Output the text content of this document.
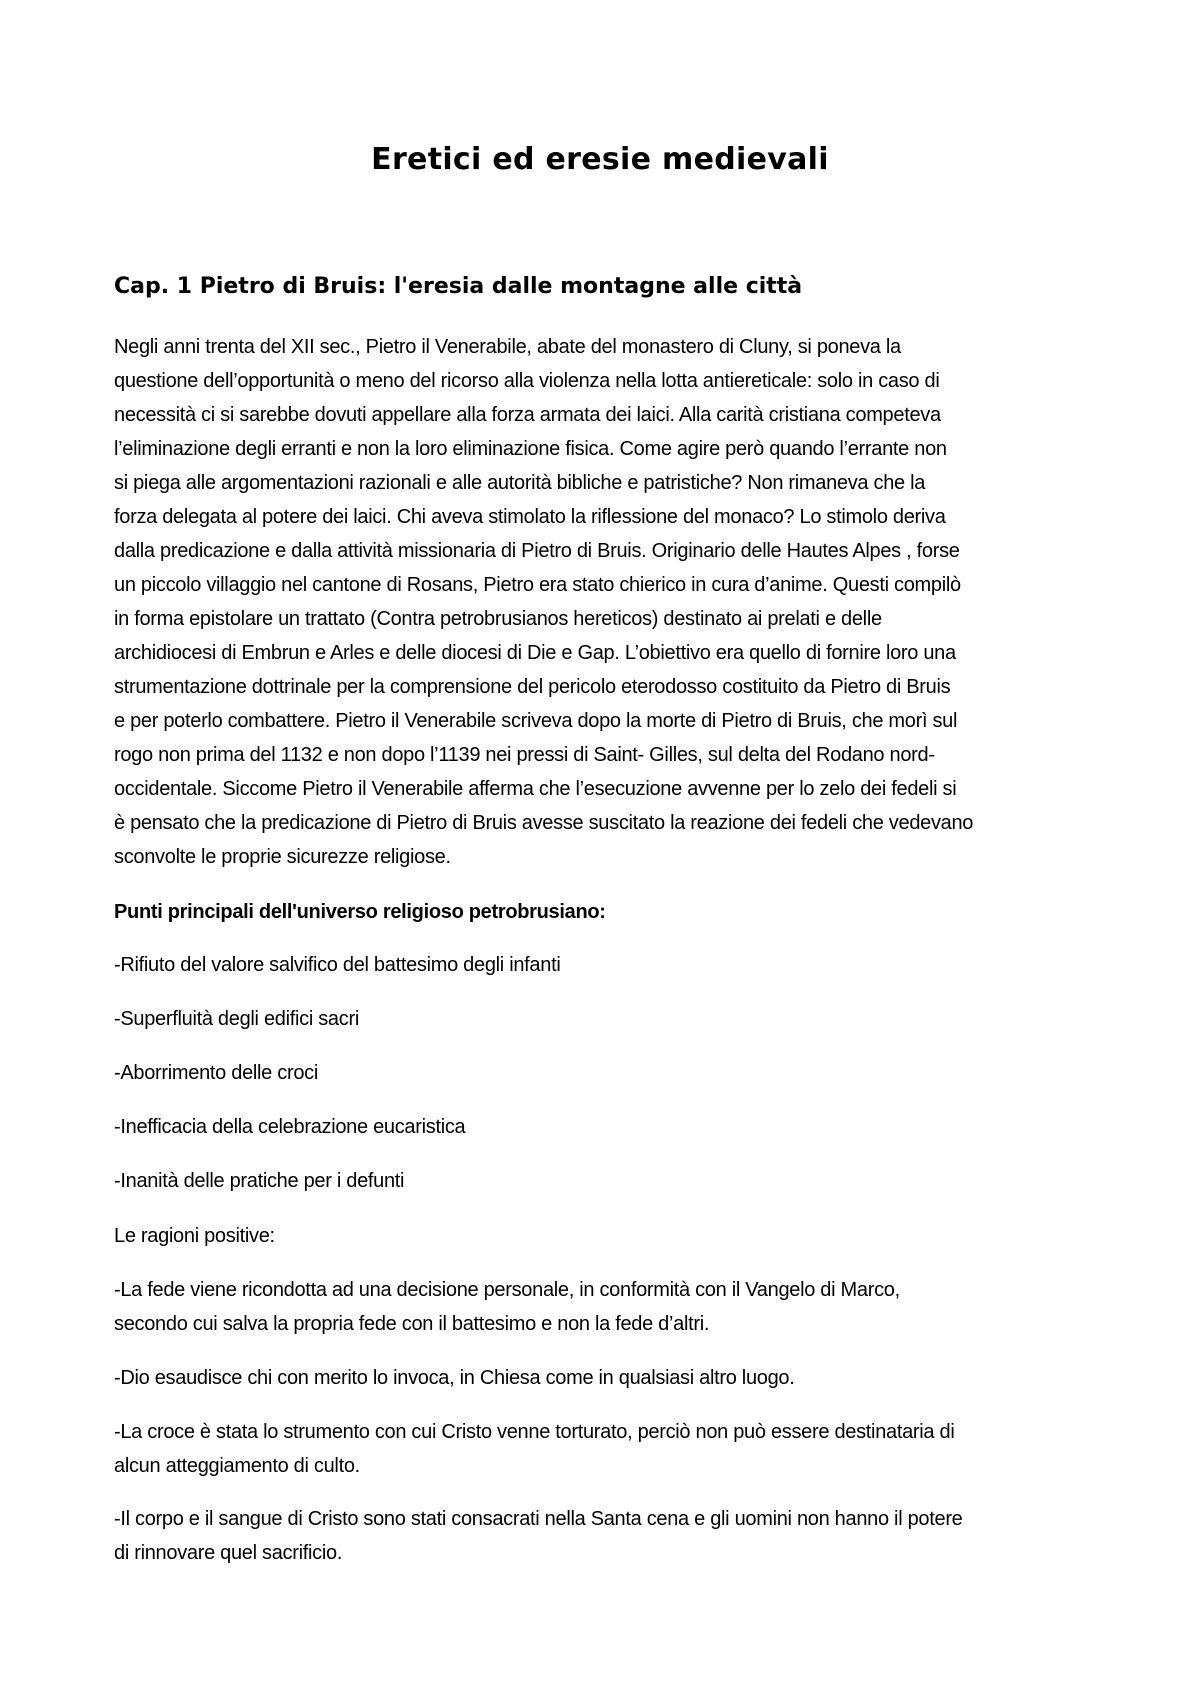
Eretici ed eresie medievali
Cap. 1 Pietro di Bruis: l'eresia dalle montagne alle città

Negli anni trenta del XII sec., Pietro il Venerabile, abate del monastero di Cluny, si poneva la
questione dell’opportunità o meno del ricorso alla violenza nella lotta antiereticale: solo in caso di
necessità ci si sarebbe dovuti appellare alla forza armata dei laici. Alla carità cristiana competeva
l’eliminazione degli erranti e non la loro eliminazione fisica. Come agire però quando l’errante non
si piega alle argomentazioni razionali e alle autorità bibliche e patristiche? Non rimaneva che la
forza delegata al potere dei laici. Chi aveva stimolato la riflessione del monaco? Lo stimolo deriva
dalla predicazione e dalla attività missionaria di Pietro di Bruis. Originario delle Hautes Alpes , forse
un piccolo villaggio nel cantone di Rosans, Pietro era stato chierico in cura d’anime. Questi compilò
in forma epistolare un trattato (Contra petrobrusianos hereticos) destinato ai prelati e delle
archidiocesi di Embrun e Arles e delle diocesi di Die e Gap. L’obiettivo era quello di fornire loro una
strumentazione dottrinale per la comprensione del pericolo eterodosso costituito da Pietro di Bruis
e per poterlo combattere. Pietro il Venerabile scriveva dopo la morte di Pietro di Bruis, che morì sul
rogo non prima del 1132 e non dopo l’1139 nei pressi di Saint- Gilles, sul delta del Rodano nord-
occidentale. Siccome Pietro il Venerabile afferma che l’esecuzione avvenne per lo zelo dei fedeli si
è pensato che la predicazione di Pietro di Bruis avesse suscitato la reazione dei fedeli che vedevano
sconvolte le proprie sicurezze religiose.

Punti principali dell'universo religioso petrobrusiano:

-Rifiuto del valore salvifico del battesimo degli infanti

-Superfluità degli edifici sacri

-Aborrimento delle croci

-Inefficacia della celebrazione eucaristica

-Inanità delle pratiche per i defunti

Le ragioni positive:

-La fede viene ricondotta ad una decisione personale, in conformità con il Vangelo di Marco,
secondo cui salva la propria fede con il battesimo e non la fede d’altri.

-Dio esaudisce chi con merito lo invoca, in Chiesa come in qualsiasi altro luogo.

-La croce è stata lo strumento con cui Cristo venne torturato, perciò non può essere destinataria di
alcun atteggiamento di culto.

-Il corpo e il sangue di Cristo sono stati consacrati nella Santa cena e gli uomini non hanno il potere
di rinnovare quel sacrificio.
